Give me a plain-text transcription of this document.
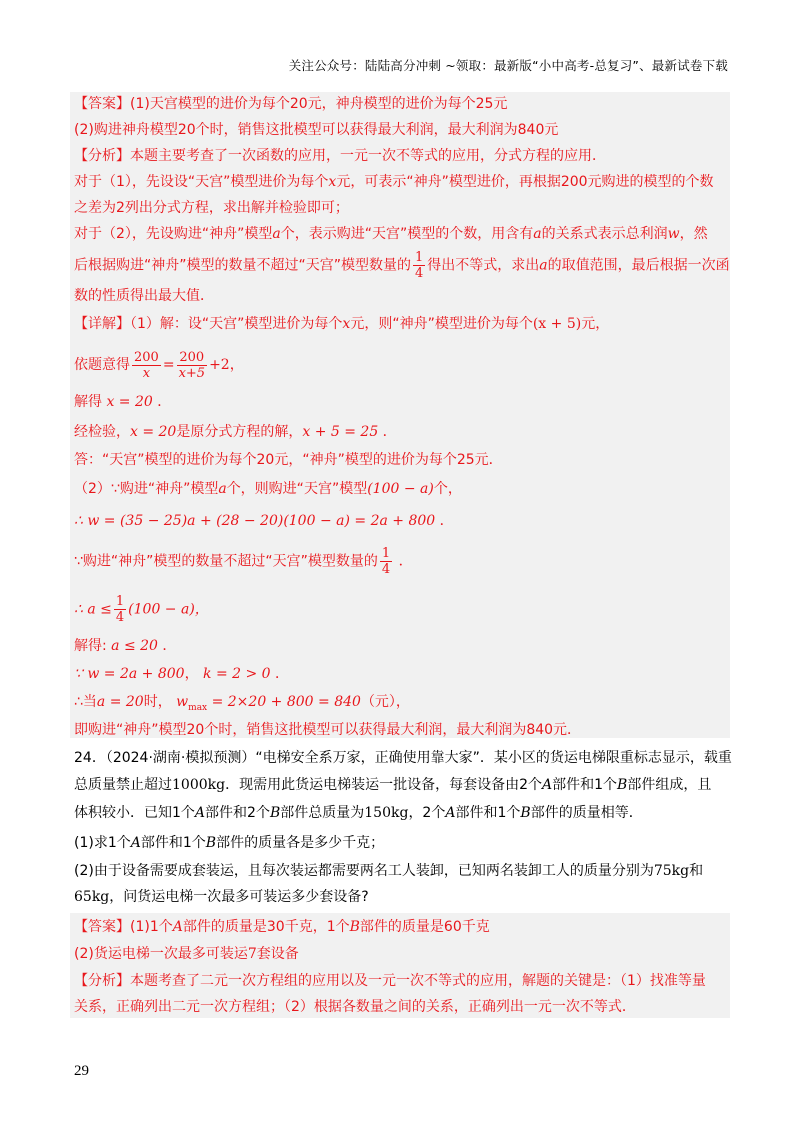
关注公众号：陆陆高分冲刺 ~领取：最新版“小中高考-总复习”、最新试卷下载
【答案】(1)天宫模型的进价为每个20元，神舟模型的进价为每个25元
(2)购进神舟模型20个时，销售这批模型可以获得最大利润，最大利润为840元
【分析】本题主要考查了一次函数的应用，一元一次不等式的应用，分式方程的应用．
对于（1），先设设“天宫”模型进价为每个x元，可表示“神舟”模型进价，再根据200元购进的模型的个数
之差为2列出分式方程，求出解并检验即可；
对于（2），先设购进“神舟”模型a个，表示购进“天宫”模型的个数，用含有a的关系式表示总利润w，然
后根据购进“神舟”模型的数量不超过“天宫”模型数量的 $\frac{1}{4}$ 得出不等式，求出a的取值范围，最后根据一次函
数的性质得出最大值．
【详解】（1）解：设“天宫”模型进价为每个x元，则“神舟”模型进价为每个(x + 5)元，
依题意得 $\frac{200}{x} = \frac{200}{x+5} +2$，
解得 x = 20 ．
经检验，x = 20是原分式方程的解，x + 5 = 25 ．
答：“天宫”模型的进价为每个20元，“神舟”模型的进价为每个25元．
（2）∵购进“神舟”模型a个，则购进“天宫”模型(100 − a)个，
∴ w = (35 − 25)a + (28 − 20)(100 − a) = 2a + 800 ．
∵购进“神舟”模型的数量不超过“天宫”模型数量的 $\frac{1}{4}$ ．
∴ $a \le \frac{1}{4} (100 - a)$，
解得: a ≤ 20 ．
∵ w = 2a + 800， k = 2 > 0 ．
∴当a = 20时， $w_{max} = 2\times 20 + 800 = 840$（元），
即购进“神舟”模型20个时，销售这批模型可以获得最大利润，最大利润为840元．
24．（2024·湖南·模拟预测）“电梯安全系万家，正确使用靠大家”．某小区的货运电梯限重标志显示，载重
总质量禁止超过1000kg．现需用此货运电梯装运一批设备，每套设备由2个A部件和1个B部件组成，且
体积较小．已知1个A部件和2个B部件总质量为150kg，2个A部件和1个B部件的质量相等．
(1)求1个A部件和1个B部件的质量各是多少千克；
(2)由于设备需要成套装运，且每次装运都需要两名工人装卸，已知两名装卸工人的质量分别为75kg和
65kg，问货运电梯一次最多可装运多少套设备?
【答案】(1)1个A部件的质量是30千克，1个B部件的质量是60千克
(2)货运电梯一次最多可装运7套设备
【分析】本题考查了二元一次方程组的应用以及一元一次不等式的应用，解题的关键是：（1）找准等量
关系，正确列出二元一次方程组；（2）根据各数量之间的关系，正确列出一元一次不等式．
29
